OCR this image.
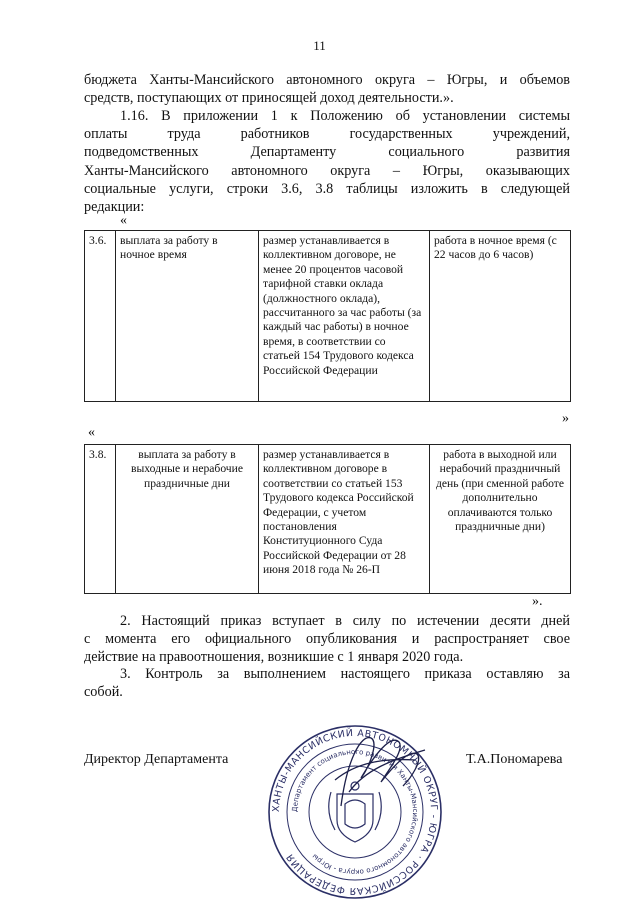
11
бюджета Ханты-Мансийского автономного округа – Югры, и объемов
средств, поступающих от приносящей доход деятельности.».
1.16. В приложении 1 к Положению об установлении системы
оплаты труда работников государственных учреждений,
подведомственных Департаменту социального развития
Ханты-Мансийского автономного округа – Югры, оказывающих
социальные услуги, строки 3.6, 3.8 таблицы изложить в следующей
редакции:
«
3.6.	выплата за работу в ночное время	размер устанавливается в коллективном договоре, не менее 20 процентов часовой тарифной ставки оклада (должностного оклада), рассчитанного за час работы (за каждый час работы) в ночное время, в соответствии со статьей 154 Трудового кодекса Российской Федерации	работа в ночное время (с 22 часов до 6 часов)
»
«
3.8.	выплата за работу в выходные и нерабочие праздничные дни	размер устанавливается в коллективном договоре в соответствии со статьей 153 Трудового кодекса Российской Федерации, с учетом постановления Конституционного Суда Российской Федерации от 28 июня 2018 года № 26-П	работа в выходной или нерабочий праздничный день (при сменной работе дополнительно оплачиваются только праздничные дни)
».
2. Настоящий приказ вступает в силу по истечении десяти дней
с момента его официального опубликования и распространяет свое
действие на правоотношения, возникшие с 1 января 2020 года.
3. Контроль за выполнением настоящего приказа оставляю за
собой.
Директор Департамента	Т.А.Пономарева
ХАНТЫ-МАНСИЙСКИЙ АВТОНОМНЫЙ ОКРУГ - ЮГРА · РОССИЙСКАЯ ФЕДЕРАЦИЯ
Департамент социального развития Ханты-Мансийского автономного округа - Югры
